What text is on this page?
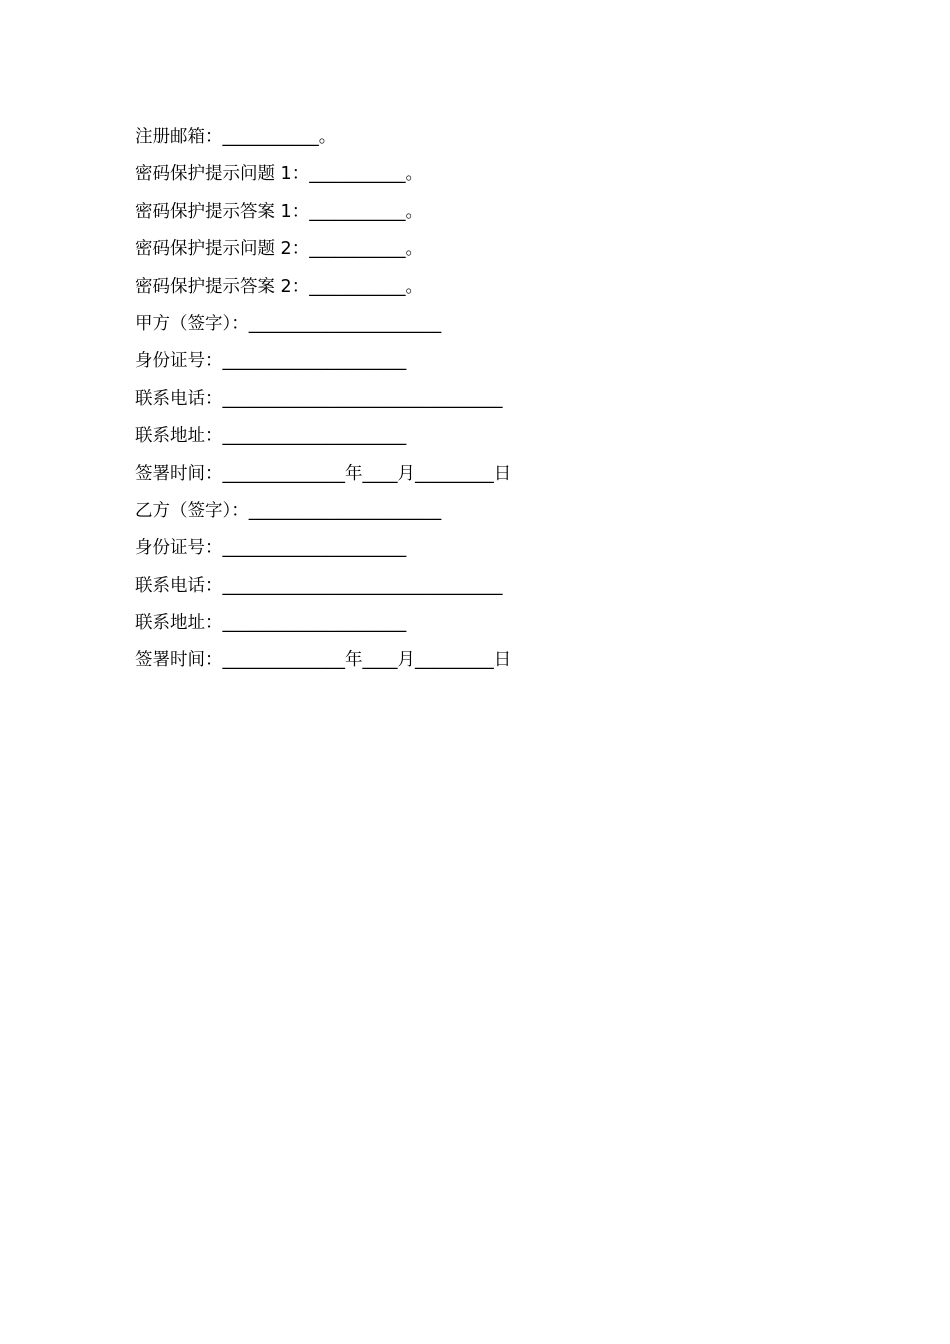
注册邮箱：___________。
密码保护提示问题 1：___________。
密码保护提示答案 1：___________。
密码保护提示问题 2：___________。
密码保护提示答案 2：___________。
甲方（签字）：______________________
身份证号：_____________________
联系电话：________________________________
联系地址：_____________________
签署时间：______________年____月_________日
乙方（签字）：______________________
身份证号：_____________________
联系电话：________________________________
联系地址：_____________________
签署时间：______________年____月_________日
